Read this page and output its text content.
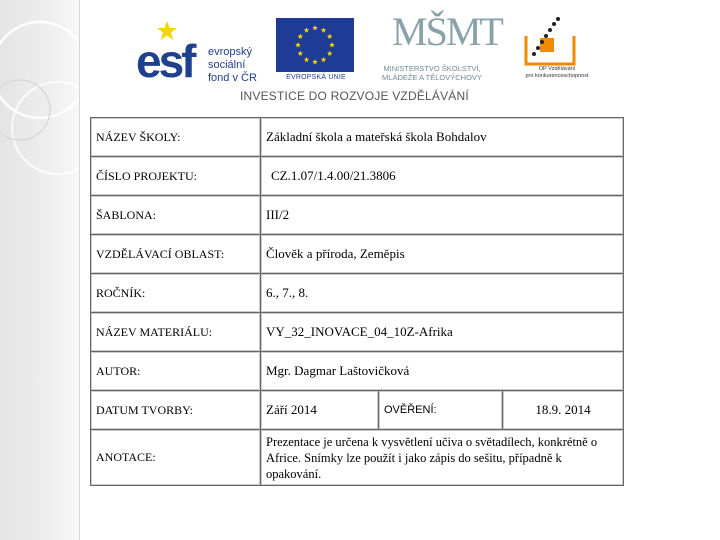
esf evropský
sociální
fond v ČR	EVROPSKÁ UNIE
MŠMT
MINISTERSTVO ŠKOLSTVÍ,
MLÁDEŽE A TĚLOVÝCHOVY
OP Vzdělávání
pro konkurenceschopnost
INVESTICE DO ROZVOJE VZDĚLÁVÁNÍ
NÁZEV ŠKOLY:	Základní škola a mateřská škola Bohdalov		
ČÍSLO PROJEKTU:	CZ.1.07/1.4.00/21.3806		
ŠABLONA:	III/2		
VZDĚLÁVACÍ OBLAST:	Člověk a příroda, Zeměpis		
ROČNÍK:	6., 7., 8.		
NÁZEV MATERIÁLU:	VY_32_INOVACE_04_10Z-Afrika		
AUTOR:	Mgr. Dagmar Laštovičková		
DATUM TVORBY:	Září 2014	OVĚŘENÍ:	18.9. 2014
ANOTACE:	Prezentace je určena k vysvětlení učiva o světadílech, konkrétně o Africe. Snímky lze použít i jako zápis do sešitu, případně k opakování.		
